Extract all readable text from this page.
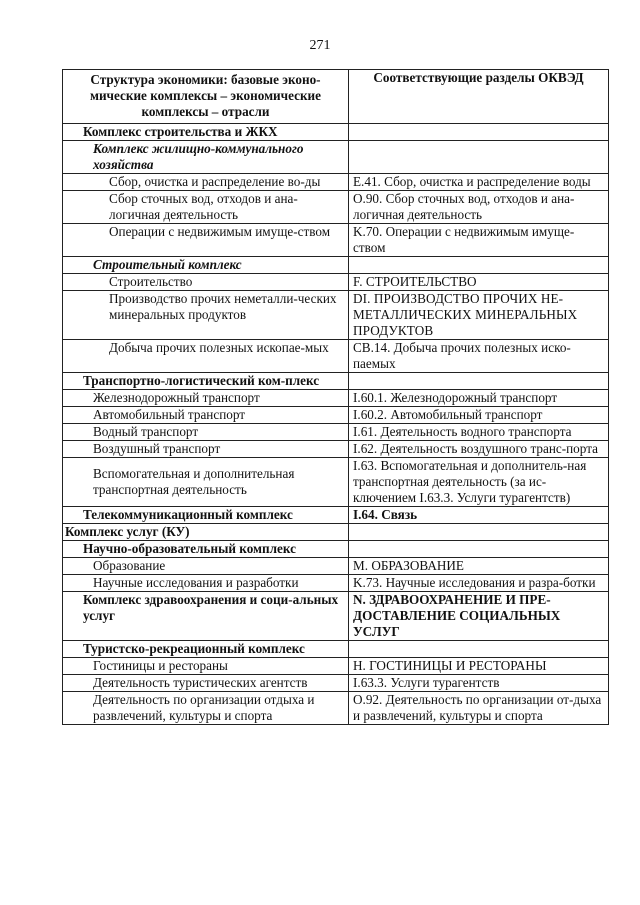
271
Структура экономики: базовые эконо-мические комплексы – экономические комплексы – отрасли	Соответствующие разделы ОКВЭД
Комплекс строительства и ЖКХ	
Комплекс жилищно-коммунального хозяйства	
Сбор, очистка и распределение во-ды	E.41. Сбор, очистка и распределение воды
Сбор сточных вод, отходов и ана-логичная деятельность	O.90. Сбор сточных вод, отходов и ана-логичная деятельность
Операции с недвижимым имуще-ством	K.70. Операции с недвижимым имуще-ством
Строительный комплекс	
Строительство	F. СТРОИТЕЛЬСТВО
Производство прочих неметалли-ческих минеральных продуктов	DI. ПРОИЗВОДСТВО ПРОЧИХ НЕ-МЕТАЛЛИЧЕСКИХ МИНЕРАЛЬНЫХ ПРОДУКТОВ
Добыча прочих полезных ископае-мых	CB.14. Добыча прочих полезных иско-паемых
Транспортно-логистический ком-плекс	
Железнодорожный транспорт	I.60.1. Железнодорожный транспорт
Автомобильный транспорт	I.60.2. Автомобильный транспорт
Водный транспорт	I.61. Деятельность водного транспорта
Воздушный транспорт	I.62. Деятельность воздушного транс-порта
Вспомогательная и дополнительная транспортная деятельность	I.63. Вспомогательная и дополнитель-ная транспортная деятельность (за ис-ключением I.63.3. Услуги турагентств)
Телекоммуникационный комплекс	I.64. Связь
Комплекс услуг (КУ)	
Научно-образовательный комплекс	
Образование	M. ОБРАЗОВАНИЕ
Научные исследования и разработки	K.73. Научные исследования и разра-ботки
Комплекс здравоохранения и соци-альных услуг	N. ЗДРАВООХРАНЕНИЕ И ПРЕ-ДОСТАВЛЕНИЕ СОЦИАЛЬНЫХ УСЛУГ
Туристско-рекреационный комплекс	
Гостиницы и рестораны	H. ГОСТИНИЦЫ И РЕСТОРАНЫ
Деятельность туристических агентств	I.63.3. Услуги турагентств
Деятельность по организации отдыха и развлечений, культуры и спорта	O.92. Деятельность по организации от-дыха и развлечений, культуры и спорта
